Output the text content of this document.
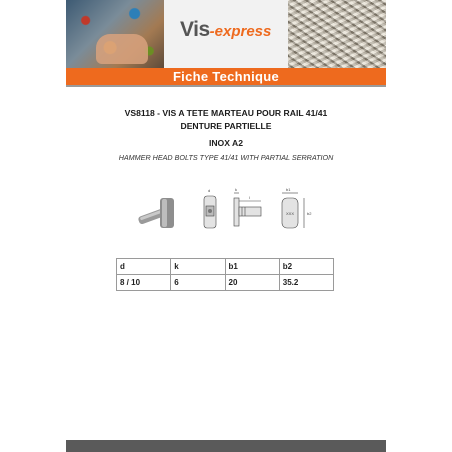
Vis-express
Fiche Technique
VS8118 - VIS A TETE MARTEAU POUR RAIL 41/41
DENTURE PARTIELLE
INOX A2
HAMMER HEAD BOLTS TYPE 41/41 WITH PARTIAL SERRATION
d	k
l
b1
b2
XXX
d	k	b1	b2
8 / 10	6	20	35.2
